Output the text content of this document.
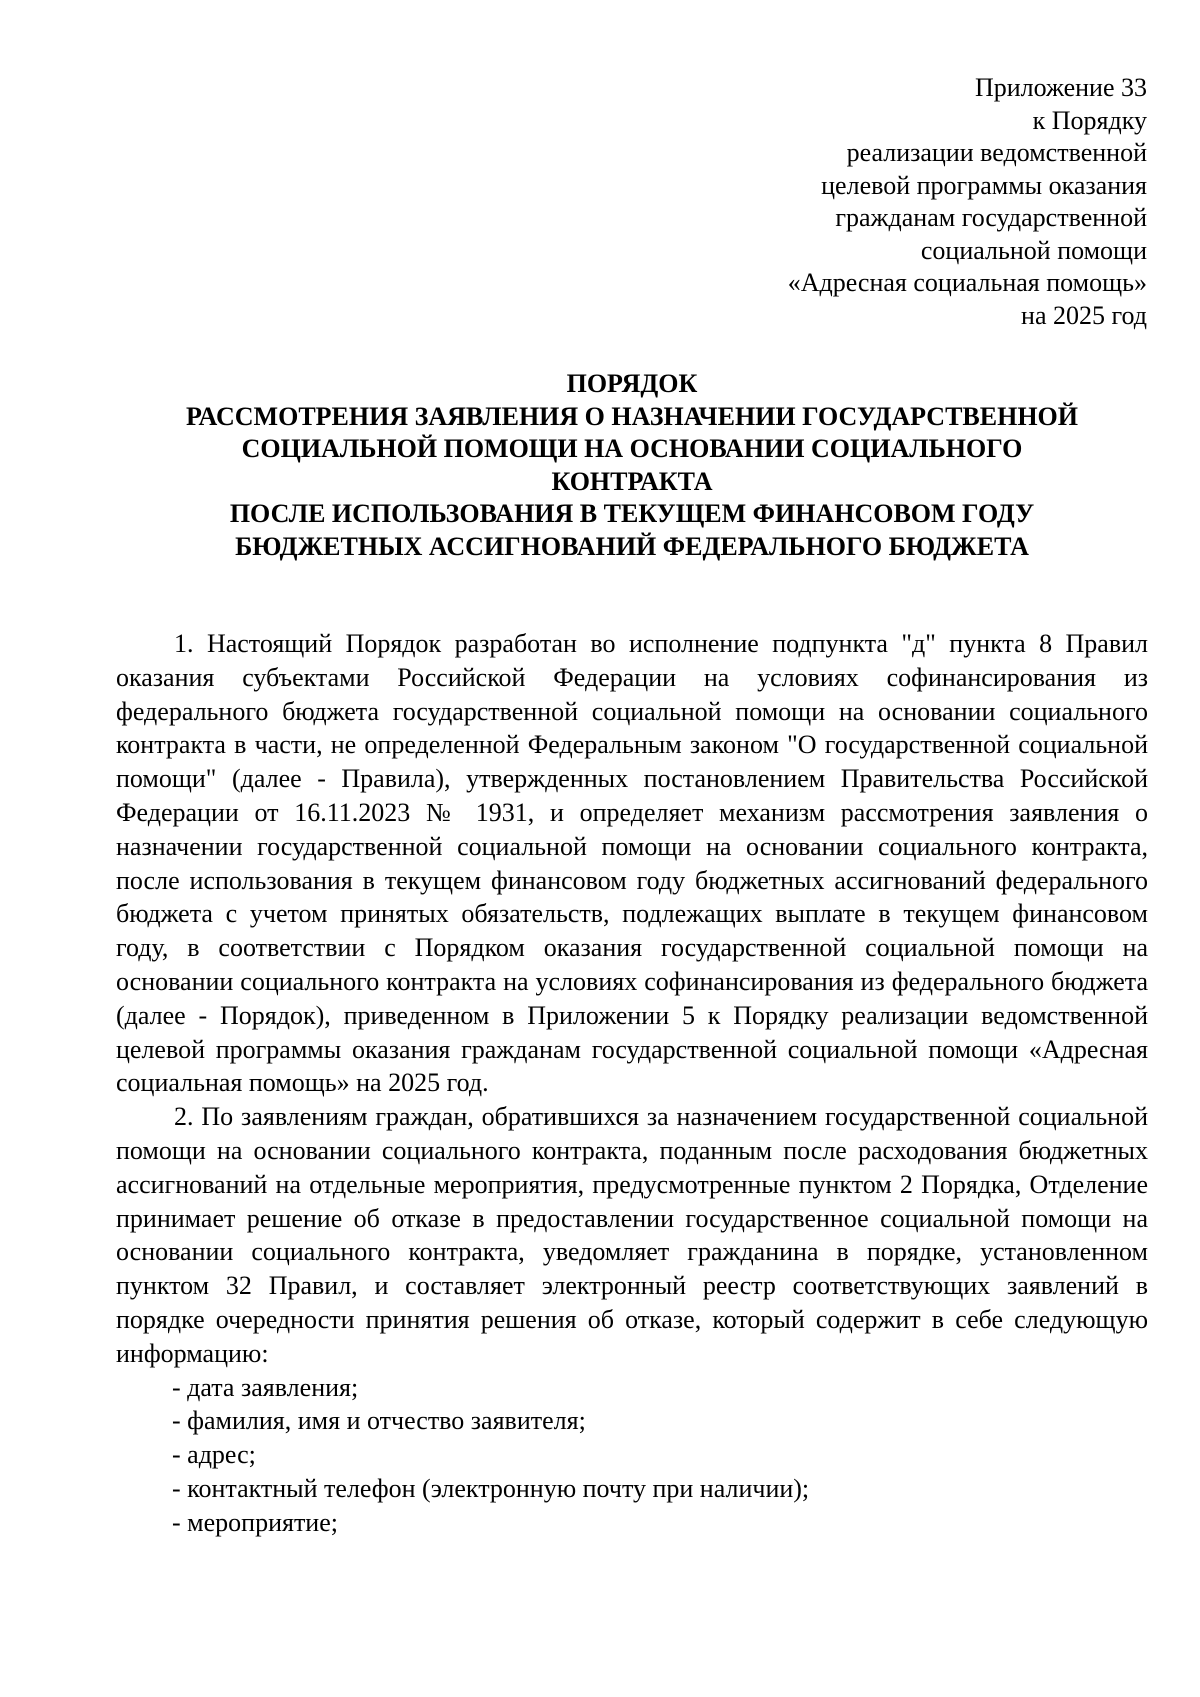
Приложение 33
к Порядку
реализации ведомственной
целевой программы оказания
гражданам государственной
социальной помощи
«Адресная социальная помощь»
на 2025 год
ПОРЯДОК
РАССМОТРЕНИЯ ЗАЯВЛЕНИЯ О НАЗНАЧЕНИИ ГОСУДАРСТВЕННОЙ
СОЦИАЛЬНОЙ ПОМОЩИ НА ОСНОВАНИИ СОЦИАЛЬНОГО
КОНТРАКТА
ПОСЛЕ ИСПОЛЬЗОВАНИЯ В ТЕКУЩЕМ ФИНАНСОВОМ ГОДУ
БЮДЖЕТНЫХ АССИГНОВАНИЙ ФЕДЕРАЛЬНОГО БЮДЖЕТА

1. Настоящий Порядок разработан во исполнение подпункта "д" пункта 8 Правил оказания субъектами Российской Федерации на условиях софинансирования из федерального бюджета государственной социальной помощи на основании социального контракта в части, не определенной Федеральным законом "О государственной социальной помощи" (далее - Правила), утвержденных постановлением Правительства Российской Федерации от 16.11.2023 № 1931, и определяет механизм рассмотрения заявления о назначении государственной социальной помощи на основании социального контракта, после использования в текущем финансовом году бюджетных ассигнований федерального бюджета с учетом принятых обязательств, подлежащих выплате в текущем финансовом году, в соответствии с Порядком оказания государственной социальной помощи на основании социального контракта на условиях софинансирования из федерального бюджета (далее - Порядок), приведенном в Приложении 5 к Порядку реализации ведомственной целевой программы оказания гражданам государственной социальной помощи «Адресная социальная помощь» на 2025 год.

2. По заявлениям граждан, обратившихся за назначением государственной социальной помощи на основании социального контракта, поданным после расходования бюджетных ассигнований на отдельные мероприятия, предусмотренные пунктом 2 Порядка, Отделение принимает решение об отказе в предоставлении государственное социальной помощи на основании социального контракта, уведомляет гражданина в порядке, установленном пунктом 32 Правил, и составляет электронный реестр соответствующих заявлений в порядке очередности принятия решения об отказе, который содержит в себе следующую информацию:

- дата заявления;
- фамилия, имя и отчество заявителя;
- адрес;
- контактный телефон (электронную почту при наличии);
- мероприятие;
